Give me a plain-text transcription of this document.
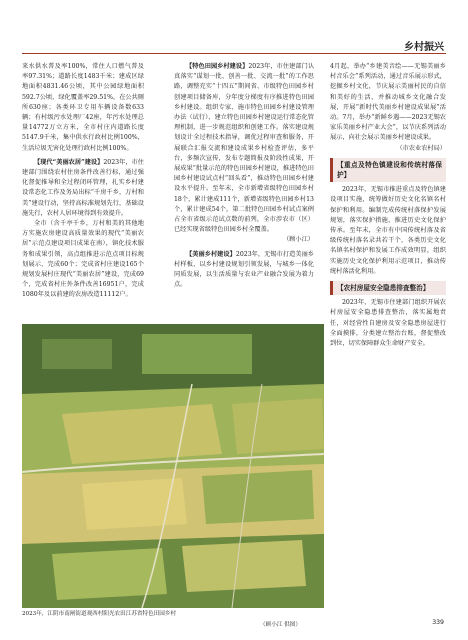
乡村振兴

来水供水普及率100%，常住人口燃气普及率97.31%；道路长度1483千米；建成区绿地面积4831.46公顷，其中公园绿地面积592.7公顷，绿化覆盖率29.51%，在公共厕所630座；各类环卫专用车辆设备数633辆；有村级污水处理厂42座，年污水处理总量14772万立方米，全市村庄内道路长度5147.9千米，集中供水行政村比例100%，生活垃圾无害化处理行政村比例100%。

【现代“美丽农居”建设】2023年，市住建部门围绕农村住房条件改善行标，通过强化督促推导和全过程闭环管理，扎实乡村建设常态化工作及务局出标“千房千乡，万村和美”建设行动，坚持高标准规划先行，基础设施先行，农村人居环境得到有效提升。

全市（含千亭千乡，万村和美的其他地方实施农房建设高质量效果的现代“美丽农居”示范点建设项目成果在南），镇化技术服务和成果引领，高点组推进示范点项目标规划展示，完成60个；完成省村庄建设165个规划发展村庄现代“美丽农居”建设，完成69个，完成省村庄外条件改善16951户，完成1080年及以前建的农房改造11112户。

【特色田园乡村建设】2023年，市住建部门认真落实“谋划一批、创善一批、交流一批”的工作思路，调整充实“十四五”期间省、市级特色田园乡村创建项目储备库，分年度分梯度有序推进特色田园乡村建设。组织专家、施市特色田园乡村建设管理办法（试行），建立特色田园乡村建设运行常态化管理机制，进一步规范组织和创建工作。落实建设规划设计全过程技术指导，调优过程审查和服务，开展联合汇报交流和建设成果乡村检查评估，多平台，多频次宣传，发布专题简报及阶段性成果，开展成果“批量示范的特色田园乡村建设，推进特色田园乡村建设试点村“回头看”，推动特色田园乡村建设水平提升。至年末，全市新增省级特色田园乡村18个，累计建成111个，新增省级特色田园乡村13个，累计建成54个，第二批特色田园乡村试点案例占全市省级示范试点数的前列，全市涉农市（区）已经实现省级特色田园乡村全覆盖。

（顾小江）

【美丽乡村建设】2023年，无锡市打造美丽乡村样板，以乡村建设规划引领发展，与城乡一体化同质发展，以生活质量与农业产业融合发展为着力点。

4月起，举办“乡建美音绘——无锡美丽乡村音乐会”系列活动，通过音乐展示形式，挖掘乡村文化，节庆展示美丽村民的自信和美好的生活，并推动城乡文化融合发展，开展“新时代美丽乡村建设成果展”活动。7月，举办“新鲜乡遇——2023无锡农家乐美丽乡村产业大会”，以节庆系列活动展示，向社会展示美丽乡村建设成果。

（市农业农村局）
【重点及特色镇建设和传统村落保护】

2023年，无锡市推进重点及特色镇建设项目实施，统筹做好历史文化名镇名村保护和利用。编制完成传统村落保护发展规划，落实保护措施，推进历史文化保护传承。至年末，全市有中国传统村落及省级传统村落名录共若干个，各类历史文化名镇名村保护和发展工作成效明显，组织实施历史文化保护利用示范项目，推动传统村落活化利用。

【农村房屋安全隐患排查整治】

2023年，无锡市住建部门组织开展农村房屋安全隐患排查整治，落实属地责任，对经营性自建房及安全隐患房屋进行全面摸排，分类建立整治台账，督促整改到位，切实保障群众生命财产安全。

2023年，江阴市南闸街道观西村阳光农田江苏省特色田园乡村
（顾小江 供图）	339
